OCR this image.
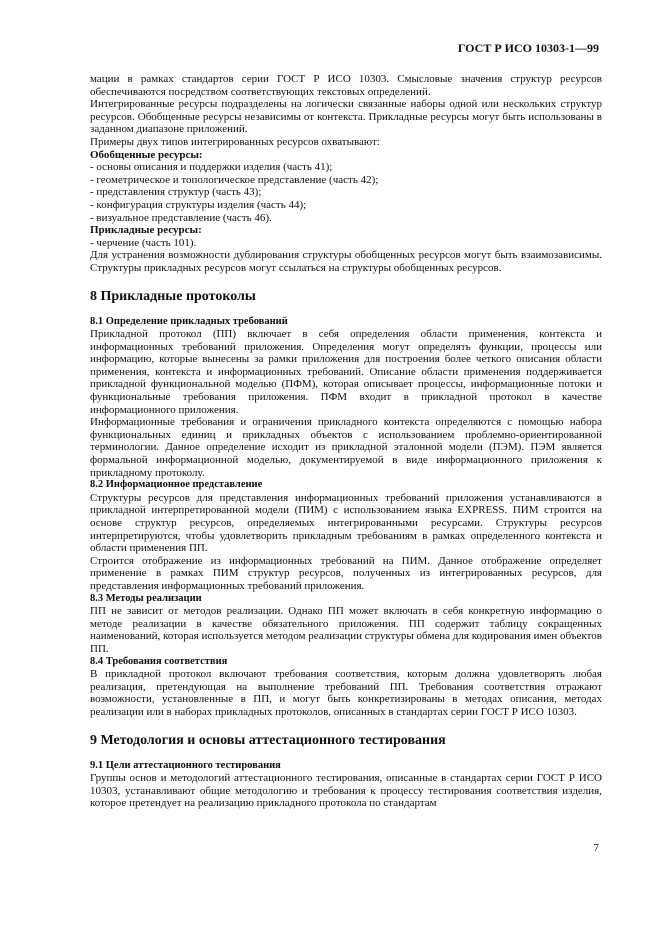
ГОСТ Р ИСО 10303-1—99

мации в рамках стандартов серии ГОСТ Р ИСО 10303. Смысловые значения структур ресурсов обеспечиваются посредством соответствующих текстовых определений.

Интегрированные ресурсы подразделены на логически связанные наборы одной или нескольких структур ресурсов. Обобщенные ресурсы независимы от контекста. Прикладные ресурсы могут быть использованы в заданном диапазоне приложений.

Примеры двух типов интегрированных ресурсов охватывают:

Обобщенные ресурсы:

- основы описания и поддержки изделия (часть 41);

- геометрическое и топологическое представление (часть 42);

- представления структур (часть 43);

- конфигурация структуры изделия (часть 44);

- визуальное представление (часть 46).

Прикладные ресурсы:

- черчение (часть 101).

Для устранения возможности дублирования структуры обобщенных ресурсов могут быть взаимозависимы. Структуры прикладных ресурсов могут ссылаться на структуры обобщенных ресурсов.

8 Прикладные протоколы
8.1 Определение прикладных требований

Прикладной протокол (ПП) включает в себя определения области применения, контекста и информационных требований приложения. Определения могут определять функции, процессы или информацию, которые вынесены за рамки приложения для построения более четкого описания области применения, контекста и информационных требований. Описание области применения поддерживается прикладной функциональной моделью (ПФМ), которая описывает процессы, информационные потоки и функциональные требования приложения. ПФМ входит в прикладной протокол в качестве информационного приложения.

Информационные требования и ограничения прикладного контекста определяются с помощью набора функциональных единиц и прикладных объектов с использованием проблемно-ориентированной терминологии. Данное определение исходит из прикладной эталонной модели (ПЭМ). ПЭМ является формальной информационной моделью, документируемой в виде информационного приложения к прикладному протоколу.

8.2 Информационное представление

Структуры ресурсов для представления информационных требований приложения устанавливаются в прикладной интерпретированной модели (ПИМ) с использованием языка EXPRESS. ПИМ строится на основе структур ресурсов, определяемых интегрированными ресурсами. Структуры ресурсов интерпретируются, чтобы удовлетворить прикладным требованиям в рамках определенного контекста и области применения ПП.

Строится отображение из информационных требований на ПИМ. Данное отображение определяет применение в рамках ПИМ структур ресурсов, полученных из интегрированных ресурсов, для представления информационных требований приложения.

8.3 Методы реализации

ПП не зависит от методов реализации. Однако ПП может включать в себя конкретную информацию о методе реализации в качестве обязательного приложения. ПП содержит таблицу сокращенных наименований, которая используется методом реализации структуры обмена для кодирования имен объектов ПП.

8.4 Требования соответствия

В прикладной протокол включают требования соответствия, которым должна удовлетворять любая реализация, претендующая на выполнение требований ПП. Требования соответствия отражают возможности, установленные в ПП, и могут быть конкретизированы в методах описания, методах реализации или в наборах прикладных протоколов, описанных в стандартах серии ГОСТ Р ИСО 10303.

9 Методология и основы аттестационного тестирования
9.1 Цели аттестационного тестирования

Группы основ и методологий аттестационного тестирования, описанные в стандартах серии ГОСТ Р ИСО 10303, устанавливают общие методологию и требования к процессу тестирования соответствия изделия, которое претендует на реализацию прикладного протокола по стандартам

7
